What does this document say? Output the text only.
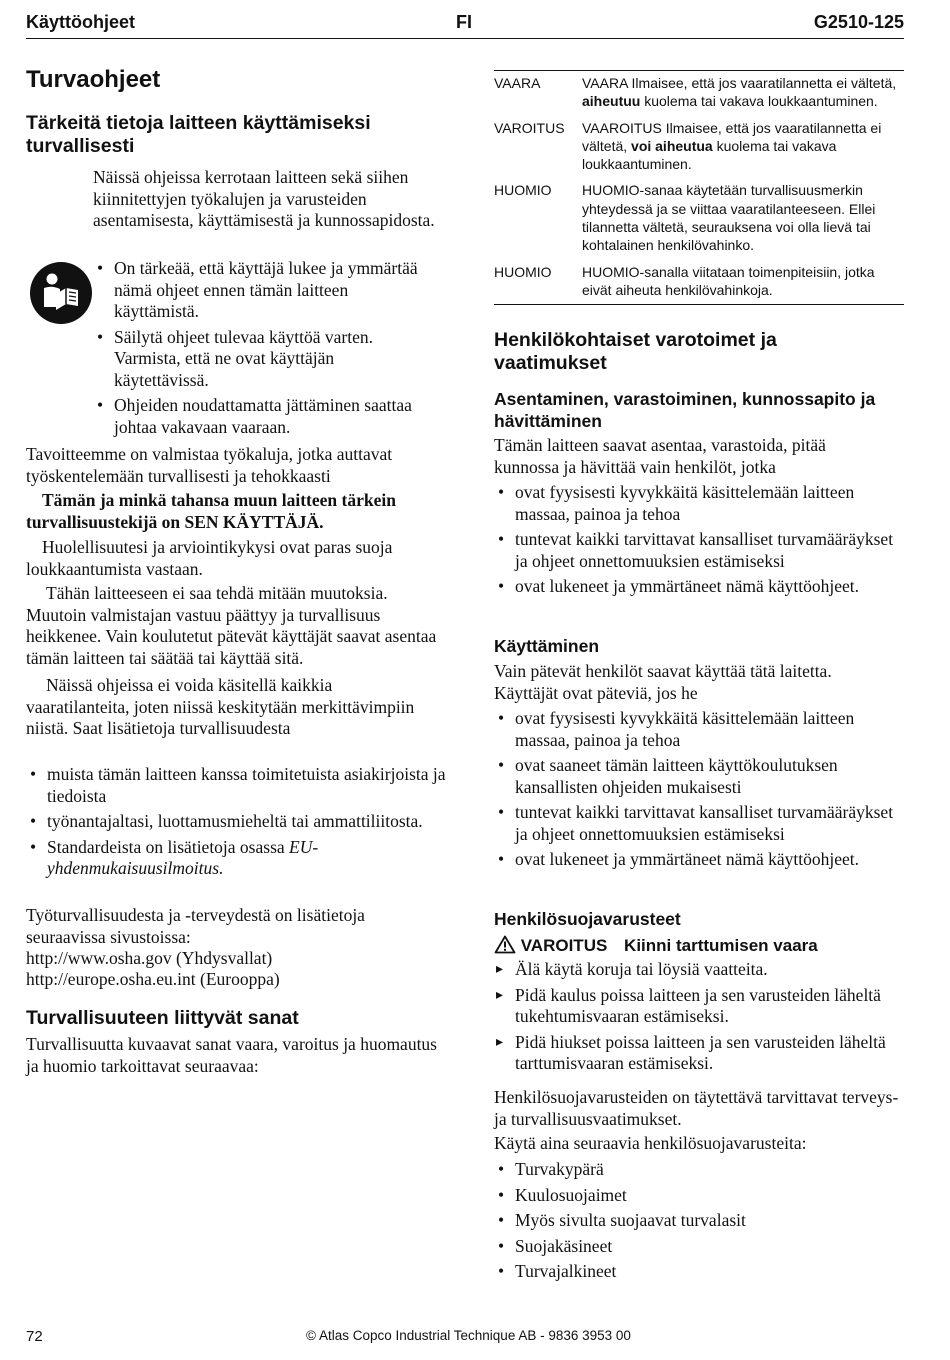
Käyttöohjeet	FI	G2510-125
Turvaohjeet
Tärkeitä tietoja laitteen käyttämiseksi turvallisesti

Näissä ohjeissa kerrotaan laitteen sekä siihen kiinnitettyjen työkalujen ja varusteiden asentamisesta, käyttämisestä ja kunnossapidosta.

• On tärkeää, että käyttäjä lukee ja ymmärtää nämä ohjeet ennen tämän laitteen käyttämistä.
• Säilytä ohjeet tulevaa käyttöä varten. Varmista, että ne ovat käyttäjän käytettävissä.
• Ohjeiden noudattamatta jättäminen saattaa johtaa vakavaan vaaraan.

Tavoitteemme on valmistaa työkaluja, jotka auttavat työskentelemään turvallisesti ja tehokkaasti

Tämän ja minkä tahansa muun laitteen tärkein turvallisuustekijä on SEN KÄYTTÄJÄ.

Huolellisuutesi ja arviointikykysi ovat paras suoja loukkaantumista vastaan.

Tähän laitteeseen ei saa tehdä mitään muutoksia. Muutoin valmistajan vastuu päättyy ja turvallisuus heikkenee. Vain koulutetut pätevät käyttäjät saavat asentaa tämän laitteen tai säätää tai käyttää sitä.

Näissä ohjeissa ei voida käsitellä kaikkia vaaratilanteita, joten niissä keskitytään merkittävimpiin niistä. Saat lisätietoja turvallisuudesta

• muista tämän laitteen kanssa toimitetuista asiakirjoista ja tiedoista
• työnantajaltasi, luottamusmieheltä tai ammattiliitosta.
• Standardeista on lisätietoja osassa EU-yhdenmukaisuusilmoitus.

Työturvallisuudesta ja -terveydestä on lisätietoja seuraavissa sivustoissa:

http://www.osha.gov (Yhdysvallat)

http://europe.osha.eu.int (Eurooppa)

Turvallisuuteen liittyvät sanat

Turvallisuutta kuvaavat sanat vaara, varoitus ja huomautus ja huomio tarkoittavat seuraavaa:

VAARA	VAARA Ilmaisee, että jos vaaratilannetta ei vältetä, aiheutuu kuolema tai vakava loukkaantuminen.
VAROITUS	VAAROITUS Ilmaisee, että jos vaaratilannetta ei vältetä, voi aiheutua kuolema tai vakava loukkaantuminen.
HUOMIO	HUOMIO-sanaa käytetään turvallisuusmerkin yhteydessä ja se viittaa vaaratilanteeseen. Ellei tilannetta vältetä, seurauksena voi olla lievä tai kohtalainen henkilövahinko.
HUOMIO	HUOMIO-sanalla viitataan toimenpiteisiin, jotka eivät aiheuta henkilövahinkoja.
Henkilökohtaiset varotoimet ja vaatimukset
Asentaminen, varastoiminen, kunnossapito ja hävittäminen

Tämän laitteen saavat asentaa, varastoida, pitää kunnossa ja hävittää vain henkilöt, jotka

• ovat fyysisesti kyvykkäitä käsittelemään laitteen massaa, painoa ja tehoa
• tuntevat kaikki tarvittavat kansalliset turvamääräykset ja ohjeet onnettomuuksien estämiseksi
• ovat lukeneet ja ymmärtäneet nämä käyttöohjeet.
Käyttäminen

Vain pätevät henkilöt saavat käyttää tätä laitetta. Käyttäjät ovat päteviä, jos he

• ovat fyysisesti kyvykkäitä käsittelemään laitteen massaa, painoa ja tehoa
• ovat saaneet tämän laitteen käyttökoulutuksen kansallisten ohjeiden mukaisesti
• tuntevat kaikki tarvittavat kansalliset turvamääräykset ja ohjeet onnettomuuksien estämiseksi
• ovat lukeneet ja ymmärtäneet nämä käyttöohjeet.
Henkilösuojavarusteet
VAROITUS Kiinni tarttumisen vaara
▸ Älä käytä koruja tai löysiä vaatteita.
▸ Pidä kaulus poissa laitteen ja sen varusteiden läheltä tukehtumisvaaran estämiseksi.
▸ Pidä hiukset poissa laitteen ja sen varusteiden läheltä tarttumisvaaran estämiseksi.

Henkilösuojavarusteiden on täytettävä tarvittavat terveys- ja turvallisuusvaatimukset.

Käytä aina seuraavia henkilösuojavarusteita:

• Turvakypärä
• Kuulosuojaimet
• Myös sivulta suojaavat turvalasit
• Suojakäsineet
• Turvajalkineet
72	© Atlas Copco Industrial Technique AB - 9836 3953 00
